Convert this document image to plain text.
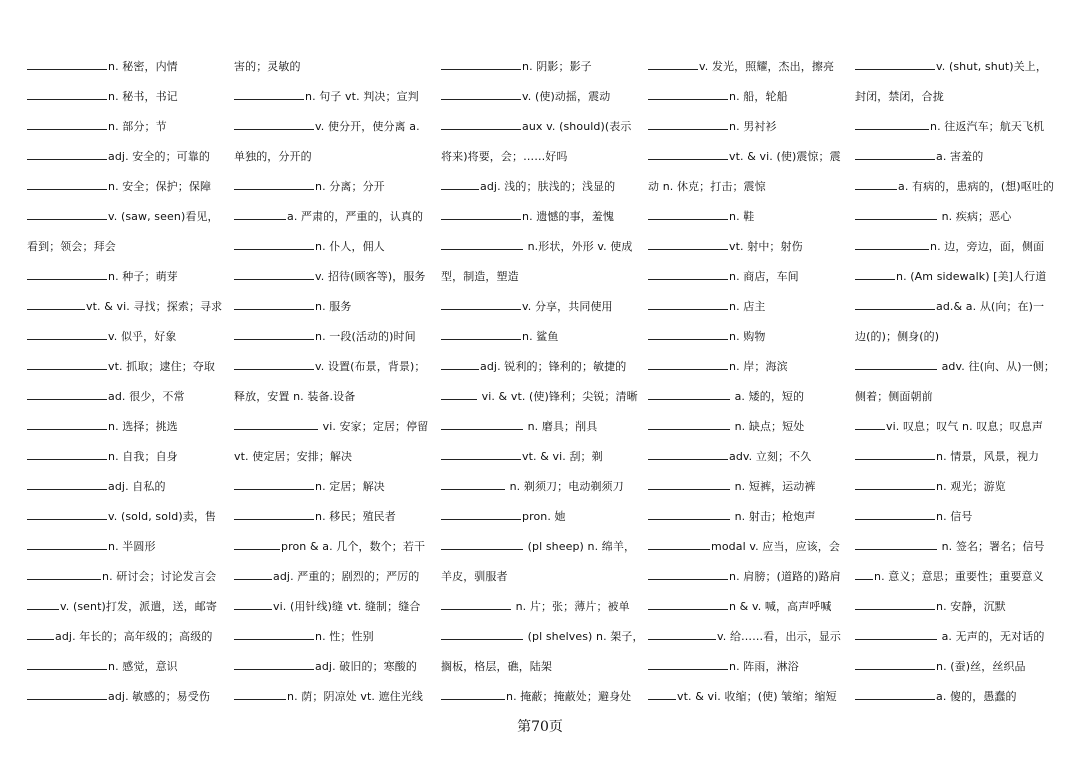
n. 秘密，内情
n. 秘书，书记
n. 部分；节
adj. 安全的；可靠的
n. 安全；保护；保障
v. (saw, seen)看见，
看到；领会；拜会
n. 种子；萌芽
vt. & vi. 寻找；探索；寻求
v. 似乎，好象
vt. 抓取；逮住；夺取
ad. 很少，不常
n. 选择；挑选
n. 自我；自身
adj. 自私的
v. (sold, sold)卖，售
n. 半圆形
n. 研讨会；讨论发言会
v. (sent)打发，派遣，送，邮寄
adj. 年长的；高年级的；高级的
n. 感觉，意识
adj. 敏感的；易受伤
害的；灵敏的
n. 句子 vt. 判决；宣判
v. 使分开，使分离 a.
单独的，分开的
n. 分离；分开
a. 严肃的，严重的，认真的
n. 仆人，佣人
v. 招待(顾客等)，服务
n. 服务
n. 一段(活动的)时间
v. 设置(布景，背景)；
释放，安置 n. 装备.设备
vi. 安家；定居；停留
vt. 使定居；安排；解决
n. 定居；解决
n. 移民；殖民者
pron & a. 几个，数个；若干
adj. 严重的；剧烈的；严厉的
vi. (用针线)缝 vt. 缝制；缝合
n. 性；性别
adj. 破旧的；寒酸的
n. 荫；阴凉处 vt. 遮住光线
n. 阴影；影子
v. (使)动摇，震动
aux v. (should)(表示
将来)将要，会；……好吗
adj. 浅的；肤浅的；浅显的
n. 遗憾的事，羞愧
n.形状，外形 v. 使成
型，制造，塑造
v. 分享，共同使用
n. 鲨鱼
adj. 锐利的；锋利的；敏捷的
vi. & vt. (使)锋利；尖锐；清晰
n. 磨具；削具
vt. & vi. 刮；剃
n. 剃须刀；电动剃须刀
pron. 她
(pl sheep) n. 绵羊，
羊皮，驯服者
n. 片；张；薄片；被单
(pl shelves) n. 架子，
搁板，格层，礁，陆架
n. 掩蔽；掩蔽处；避身处
v. 发光，照耀，杰出，擦亮
n. 船，轮船
n. 男衬衫
vt. & vi. (使)震惊；震
动 n. 休克；打击；震惊
n. 鞋
vt. 射中；射伤
n. 商店，车间
n. 店主
n. 购物
n. 岸；海滨
a. 矮的，短的
n. 缺点；短处
adv. 立刻；不久
n. 短裤，运动裤
n. 射击；枪炮声
modal v. 应当，应该，会
n. 肩膀；(道路的)路肩
n & v. 喊，高声呼喊
v. 给……看，出示，显示
n. 阵雨，淋浴
vt. & vi. 收缩；(使) 皱缩；缩短
v. (shut, shut)关上，
封闭，禁闭，合拢
n. 往返汽车；航天飞机
a. 害羞的
a. 有病的，患病的，(想)呕吐的
n. 疾病；恶心
n. 边，旁边，面，侧面
n. (Am sidewalk) [美]人行道
ad.& a. 从(向；在)一
边(的)；侧身(的)
adv. 往(向、从)一侧；
侧着；侧面朝前
vi. 叹息；叹气 n. 叹息；叹息声
n. 情景，风景，视力
n. 观光；游览
n. 信号
n. 签名；署名；信号
n. 意义；意思；重要性；重要意义
n. 安静，沉默
a. 无声的，无对话的
n. (蚕)丝，丝织品
a. 傻的，愚蠢的
第70页
